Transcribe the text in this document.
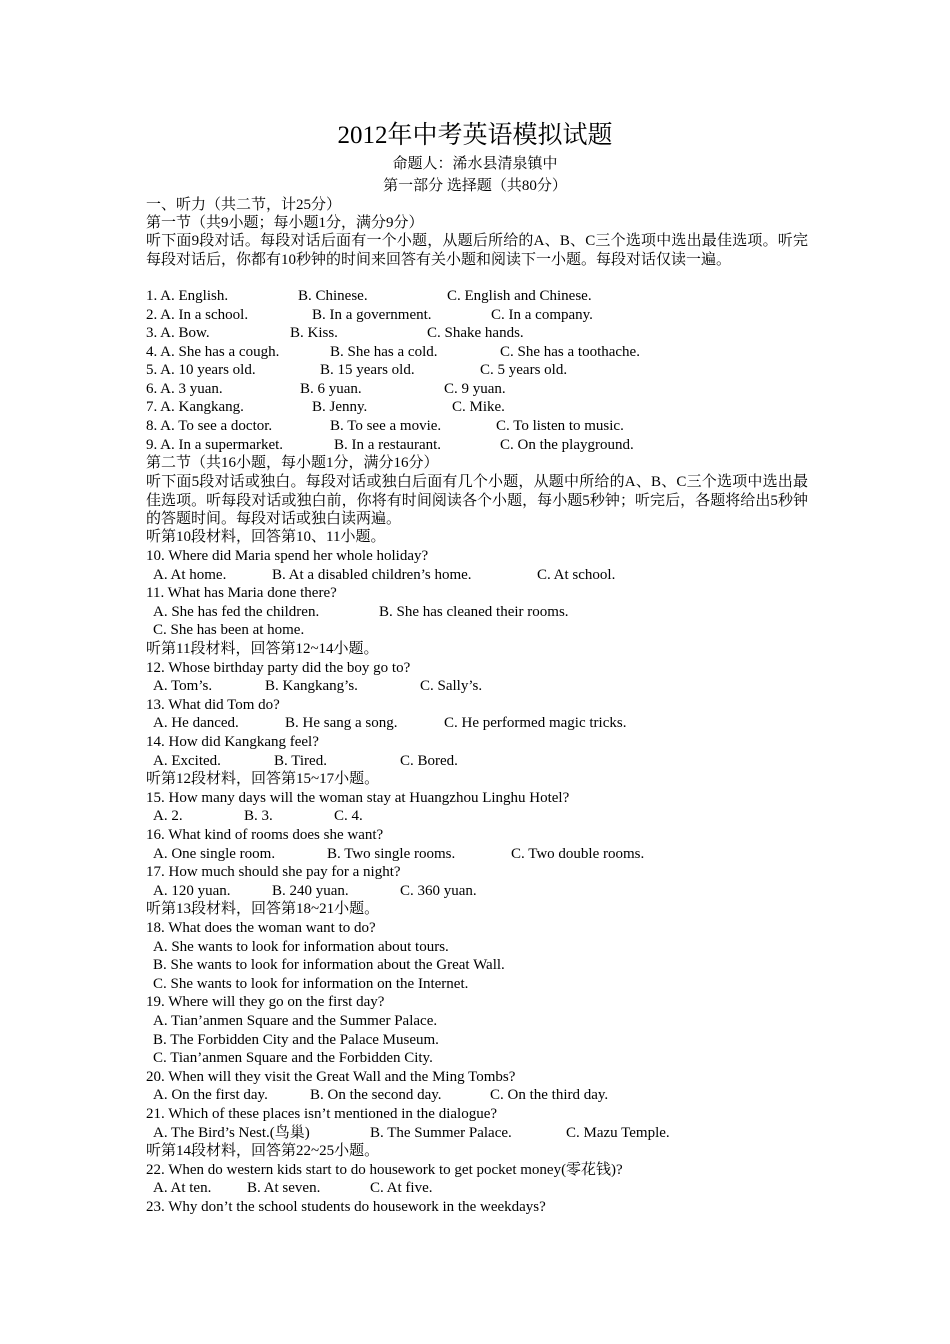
2012年中考英语模拟试题
命题人：浠水县清泉镇中
第一部分 选择题（共80分）
一、听力（共二节，计25分）
第一节（共9小题；每小题1分，满分9分）
听下面9段对话。每段对话后面有一个小题，从题后所给的A、B、C三个选项中选出最佳选项。听完每段对话后，你都有10秒钟的时间来回答有关小题和阅读下一小题。每段对话仅读一遍。
1. A. English.	B. Chinese.	C. English and Chinese.
2. A. In a school.	B. In a government.	C. In a company.
3. A. Bow.	B. Kiss.	C. Shake hands.
4. A. She has a cough.	B. She has a cold.	C. She has a toothache.
5. A. 10 years old.	B. 15 years old.	C. 5 years old.
6. A. 3 yuan.	B. 6 yuan.	C. 9 yuan.
7. A. Kangkang.	B. Jenny.	C. Mike.
8. A. To see a doctor.	B. To see a movie.	C. To listen to music.
9. A. In a supermarket.	B. In a restaurant.	C. On the playground.
第二节（共16小题，每小题1分，满分16分）
听下面5段对话或独白。每段对话或独白后面有几个小题，从题中所给的A、B、C三个选项中选出最佳选项。听每段对话或独白前，你将有时间阅读各个小题，每小题5秒钟；听完后，各题将给出5秒钟的答题时间。每段对话或独白读两遍。
听第10段材料，回答第10、11小题。
10. Where did Maria spend her whole holiday?
A. At home.	B. At a disabled children’s home.	C. At school.
11. What has Maria done there?
A. She has fed the children.	B. She has cleaned their rooms.
C. She has been at home.
听第11段材料，回答第12~14小题。
12. Whose birthday party did the boy go to?
A. Tom’s.	B. Kangkang’s.	C. Sally’s.
13. What did Tom do?
A. He danced.	B. He sang a song.	C. He performed magic tricks.
14. How did Kangkang feel?
A. Excited.	B. Tired.	C. Bored.
听第12段材料，回答第15~17小题。
15. How many days will the woman stay at Huangzhou Linghu Hotel?
A. 2.	B. 3.	C. 4.
16. What kind of rooms does she want?
A. One single room.	B. Two single rooms.	C. Two double rooms.
17. How much should she pay for a night?
A. 120 yuan.	B. 240 yuan.	C. 360 yuan.
听第13段材料，回答第18~21小题。
18. What does the woman want to do?
A. She wants to look for information about tours.
B. She wants to look for information about the Great Wall.
C. She wants to look for information on the Internet.
19. Where will they go on the first day?
A. Tian’anmen Square and the Summer Palace.
B. The Forbidden City and the Palace Museum.
C. Tian’anmen Square and the Forbidden City.
20. When will they visit the Great Wall and the Ming Tombs?
A. On the first day.	B. On the second day.	C. On the third day.
21. Which of these places isn’t mentioned in the dialogue?
A. The Bird’s Nest.(鸟巢)	B. The Summer Palace.	C. Mazu Temple.
听第14段材料，回答第22~25小题。
22. When do western kids start to do housework to get pocket money(零花钱)?
A. At ten. B. At seven.	C. At five.
23. Why don’t the school students do housework in the weekdays?
